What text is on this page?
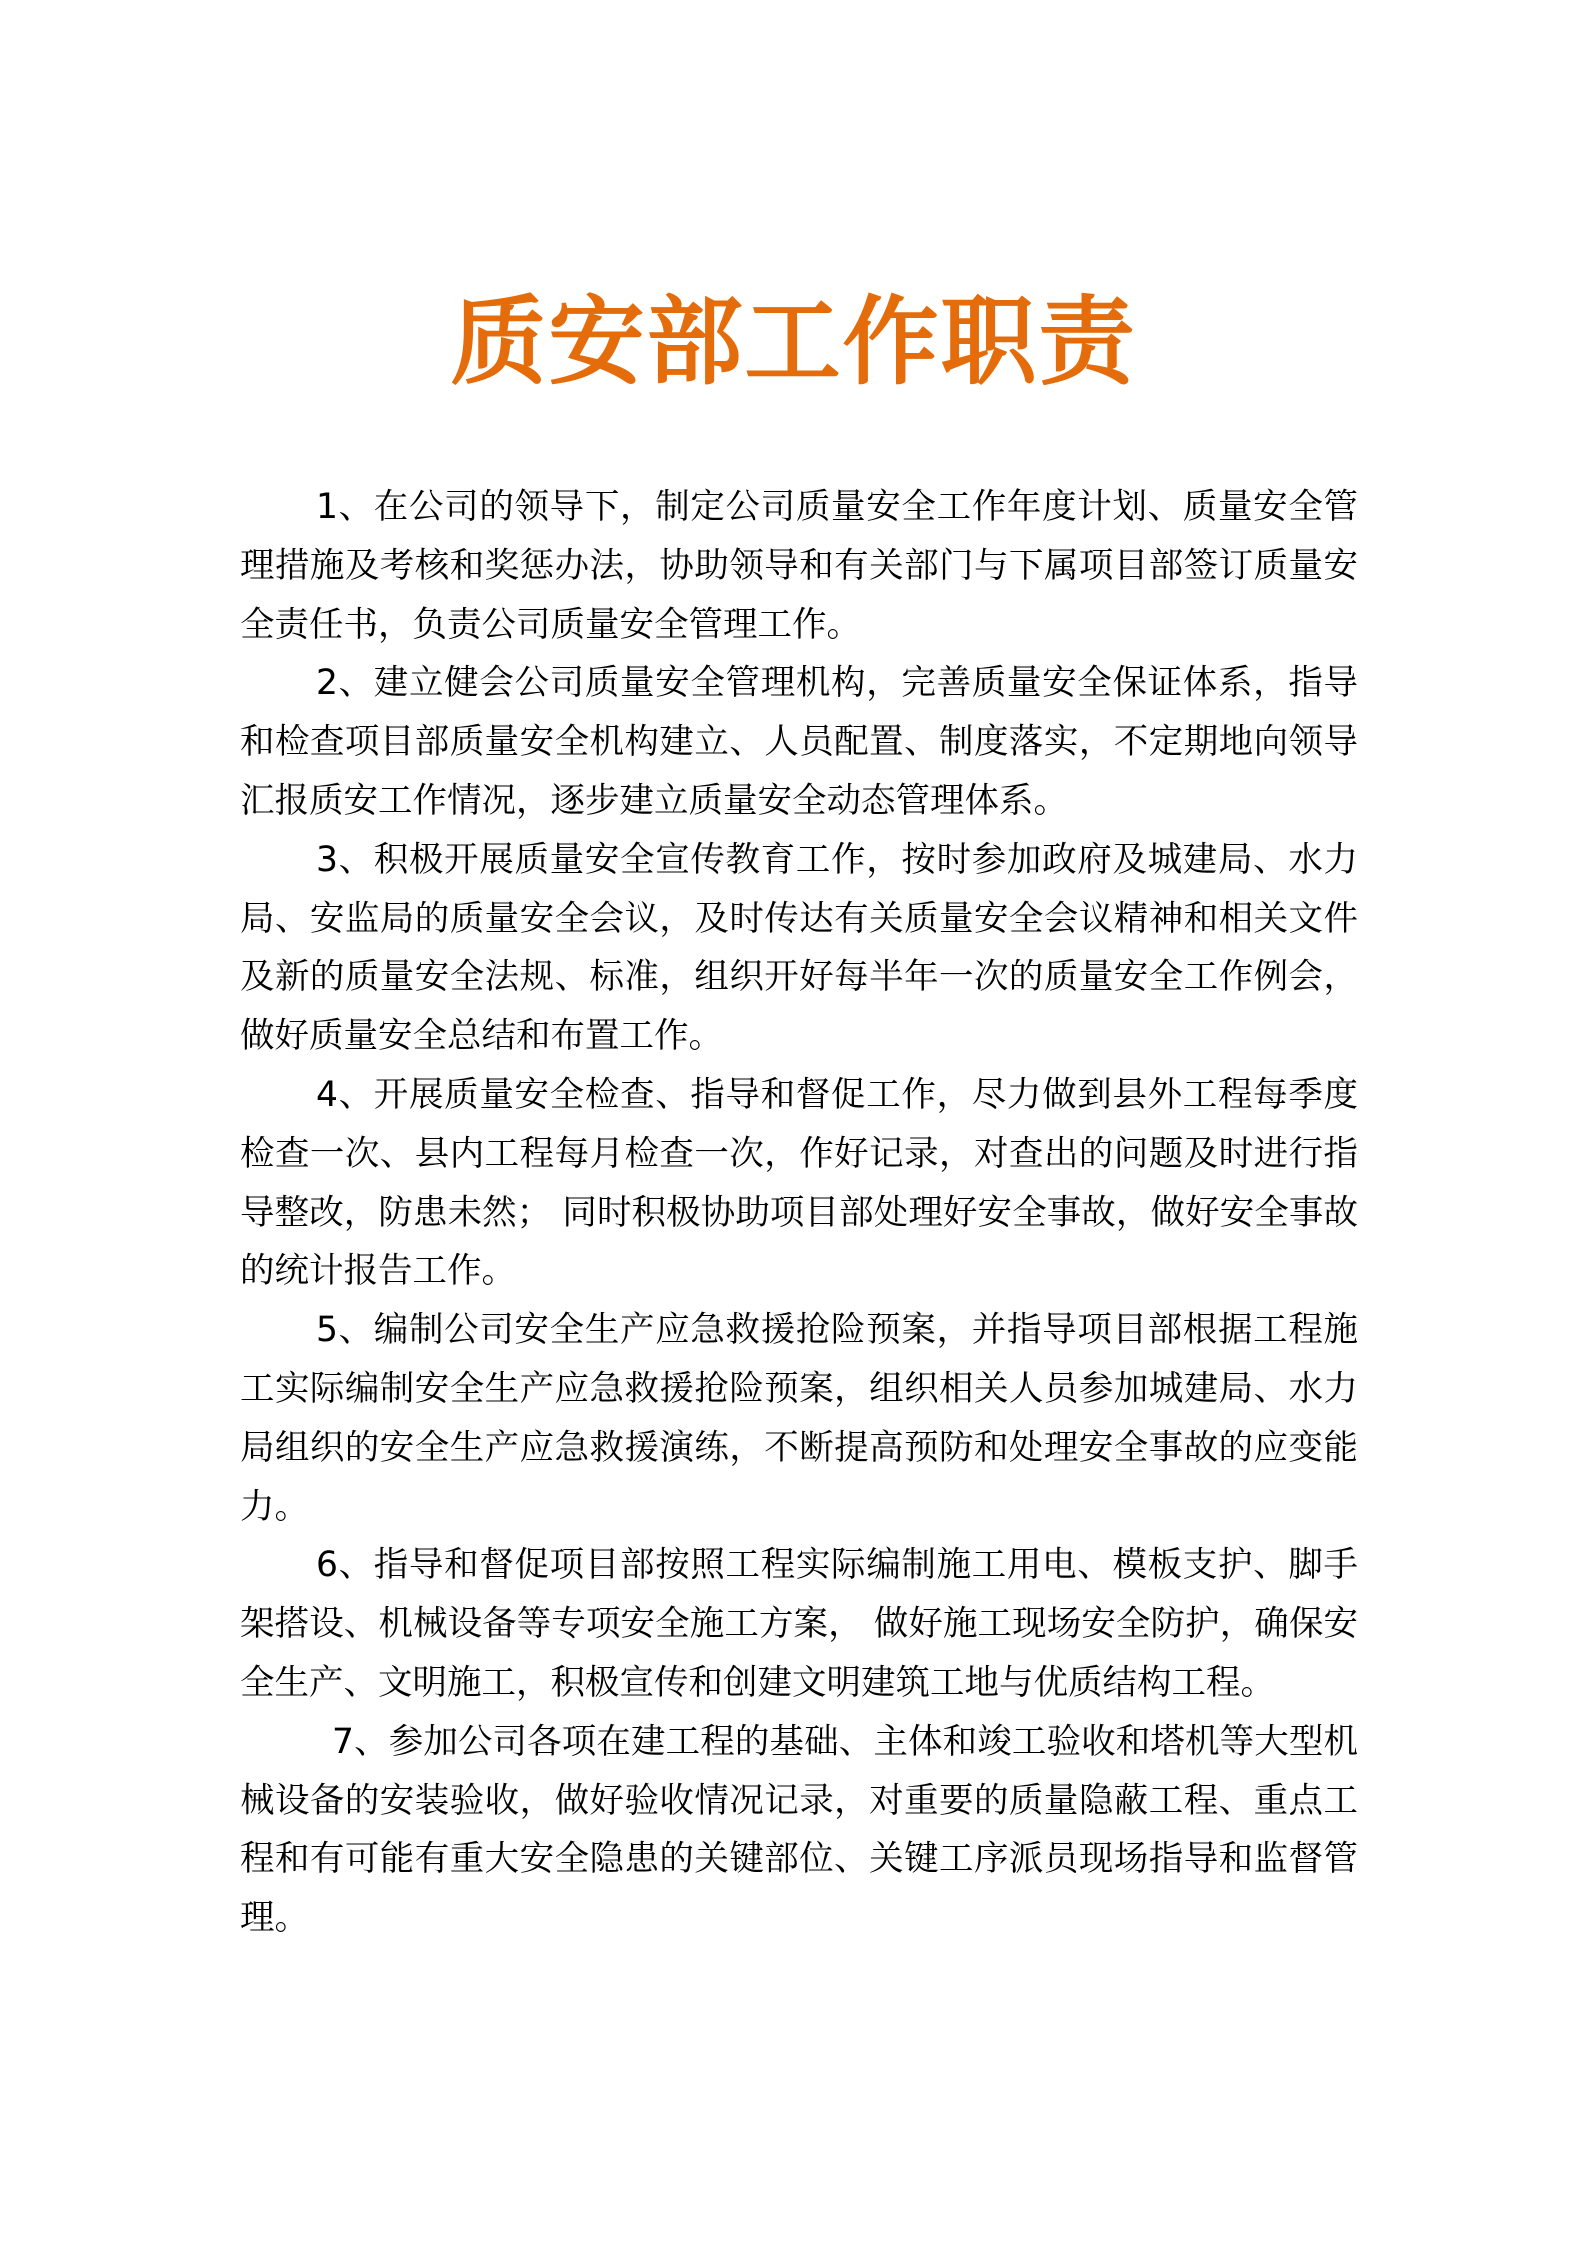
质安部工作职责

1、在公司的领导下，制定公司质量安全工作年度计划、质量安全管理措施及考核和奖惩办法，协助领导和有关部门与下属项目部签订质量安全责任书，负责公司质量安全管理工作。

2、建立健会公司质量安全管理机构，完善质量安全保证体系，指导和检查项目部质量安全机构建立、人员配置、制度落实，不定期地向领导汇报质安工作情况，逐步建立质量安全动态管理体系。

3、积极开展质量安全宣传教育工作，按时参加政府及城建局、水力局、安监局的质量安全会议，及时传达有关质量安全会议精神和相关文件及新的质量安全法规、标准，组织开好每半年一次的质量安全工作例会，做好质量安全总结和布置工作。

4、开展质量安全检查、指导和督促工作，尽力做到县外工程每季度检查一次、县内工程每月检查一次，作好记录，对查出的问题及时进行指导整改，防患未然； 同时积极协助项目部处理好安全事故，做好安全事故的统计报告工作。

5、编制公司安全生产应急救援抢险预案，并指导项目部根据工程施工实际编制安全生产应急救援抢险预案，组织相关人员参加城建局、水力局组织的安全生产应急救援演练，不断提高预防和处理安全事故的应变能力。

6、指导和督促项目部按照工程实际编制施工用电、模板支护、脚手架搭设、机械设备等专项安全施工方案， 做好施工现场安全防护，确保安全生产、文明施工，积极宣传和创建文明建筑工地与优质结构工程。

7、参加公司各项在建工程的基础、主体和竣工验收和塔机等大型机械设备的安装验收，做好验收情况记录，对重要的质量隐蔽工程、重点工程和有可能有重大安全隐患的关键部位、关键工序派员现场指导和监督管理。
